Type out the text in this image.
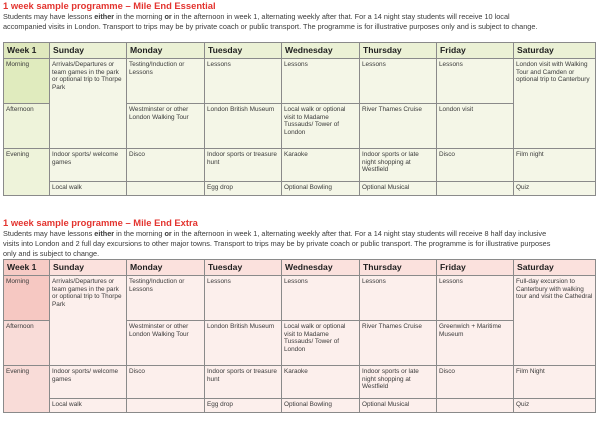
1 week sample programme – Mile End Essential
Students may have lessons either in the morning or in the afternoon in week 1, alternating weekly after that. For a 14 night stay students will receive 10 local
accompanied visits in London. Transport to trips may be by private coach or public transport. The programme is for illustrative purposes only and is subject to change.
Week 1	Sunday	Monday	Tuesday	Wednesday	Thursday	Friday	Saturday
Morning	Arrivals/Departures or team games in the park or optional trip to Thorpe Park	Testing/Induction or Lessons	Lessons	Lessons	Lessons	Lessons	London visit with Walking Tour and Camden or optional trip to Canterbury
Afternoon		Westminster or other London Walking Tour	London British Museum	Local walk or optional visit to Madame Tussauds/ Tower of London	River Thames Cruise	London visit	
Evening	Indoor sports/ welcome games	Disco	Indoor sports or treasure hunt	Karaoke	Indoor sports or late night shopping at Westfield	Disco	Film night
	Local walk		Egg drop	Optional Bowling	Optional Musical		Quiz
1 week sample programme – Mile End Extra
Students may have lessons either in the morning or in the afternoon in week 1, alternating weekly after that. For a 14 night stay students will receive 8 half day inclusive
visits into London and 2 full day excursions to other major towns. Transport to trips may be by private coach or public transport. The programme is for illustrative purposes
only and is subject to change.
Week 1	Sunday	Monday	Tuesday	Wednesday	Thursday	Friday	Saturday
Morning	Arrivals/Departures or team games in the park or optional trip to Thorpe Park	Testing/Induction or Lessons	Lessons	Lessons	Lessons	Lessons	Full-day excursion to Canterbury with walking tour and visit the Cathedral
Afternoon		Westminster or other London Walking Tour	London British Museum	Local walk or optional visit to Madame Tussauds/ Tower of London	River Thames Cruise	Greenwich + Maritime Museum	
Evening	Indoor sports/ welcome games	Disco	Indoor sports or treasure hunt	Karaoke	Indoor sports or late night shopping at Westfield	Disco	Film Night
	Local walk		Egg drop	Optional Bowling	Optional Musical		Quiz
